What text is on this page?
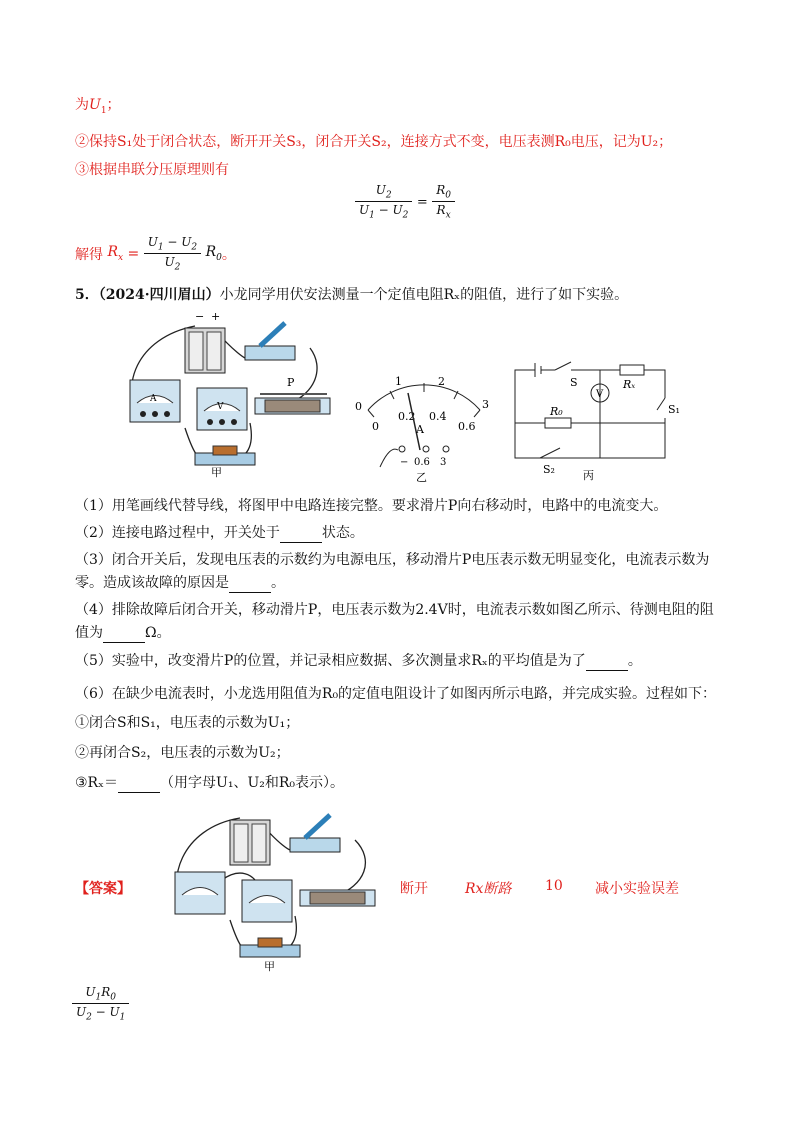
为$U_1$；
②保持S₁处于闭合状态，断开开关S₃，闭合开关S₂，连接方式不变，电压表测R₀电压，记为U₂；
③根据串联分压原理则有
$\frac{U_2}{U_1 - U_2} = \frac{R_0}{R_x}$
解得 $R_x = \frac{U_1 - U_2}{U_2} R_0$。
5．（2024·四川眉山）小龙同学用伏安法测量一个定值电阻Rₓ的阻值，进行了如下实验。
− +
A
V
P
甲
0
1	2
3
0
0.2 0.4
0.6
A
− 0.6 3
乙
S	Rₓ
V
R₀	S₁
S₂	丙
（1）用笔画线代替导线，将图甲中电路连接完整。要求滑片P向右移动时，电路中的电流变大。
（2）连接电路过程中，开关处于	状态。
（3）闭合开关后，发现电压表的示数约为电源电压，移动滑片P电压表示数无明显变化，电流表示数为
零。造成该故障的原因是	。
（4）排除故障后闭合开关，移动滑片P，电压表示数为2.4V时，电流表示数如图乙所示、待测电阻的阻
值为	Ω。
（5）实验中，改变滑片P的位置，并记录相应数据、多次测量求Rₓ的平均值是为了	。
（6）在缺少电流表时，小龙选用阻值为R₀的定值电阻设计了如图丙所示电路，并完成实验。过程如下：
①闭合S和S₁，电压表的示数为U₁；
②再闭合S₂，电压表的示数为U₂；
③Rₓ＝	（用字母U₁、U₂和R₀表示）。
【答案】
甲
断开	Rx断路 10 减小实验误差
$\frac{U_1R_0}{U_2 - U_1}$
